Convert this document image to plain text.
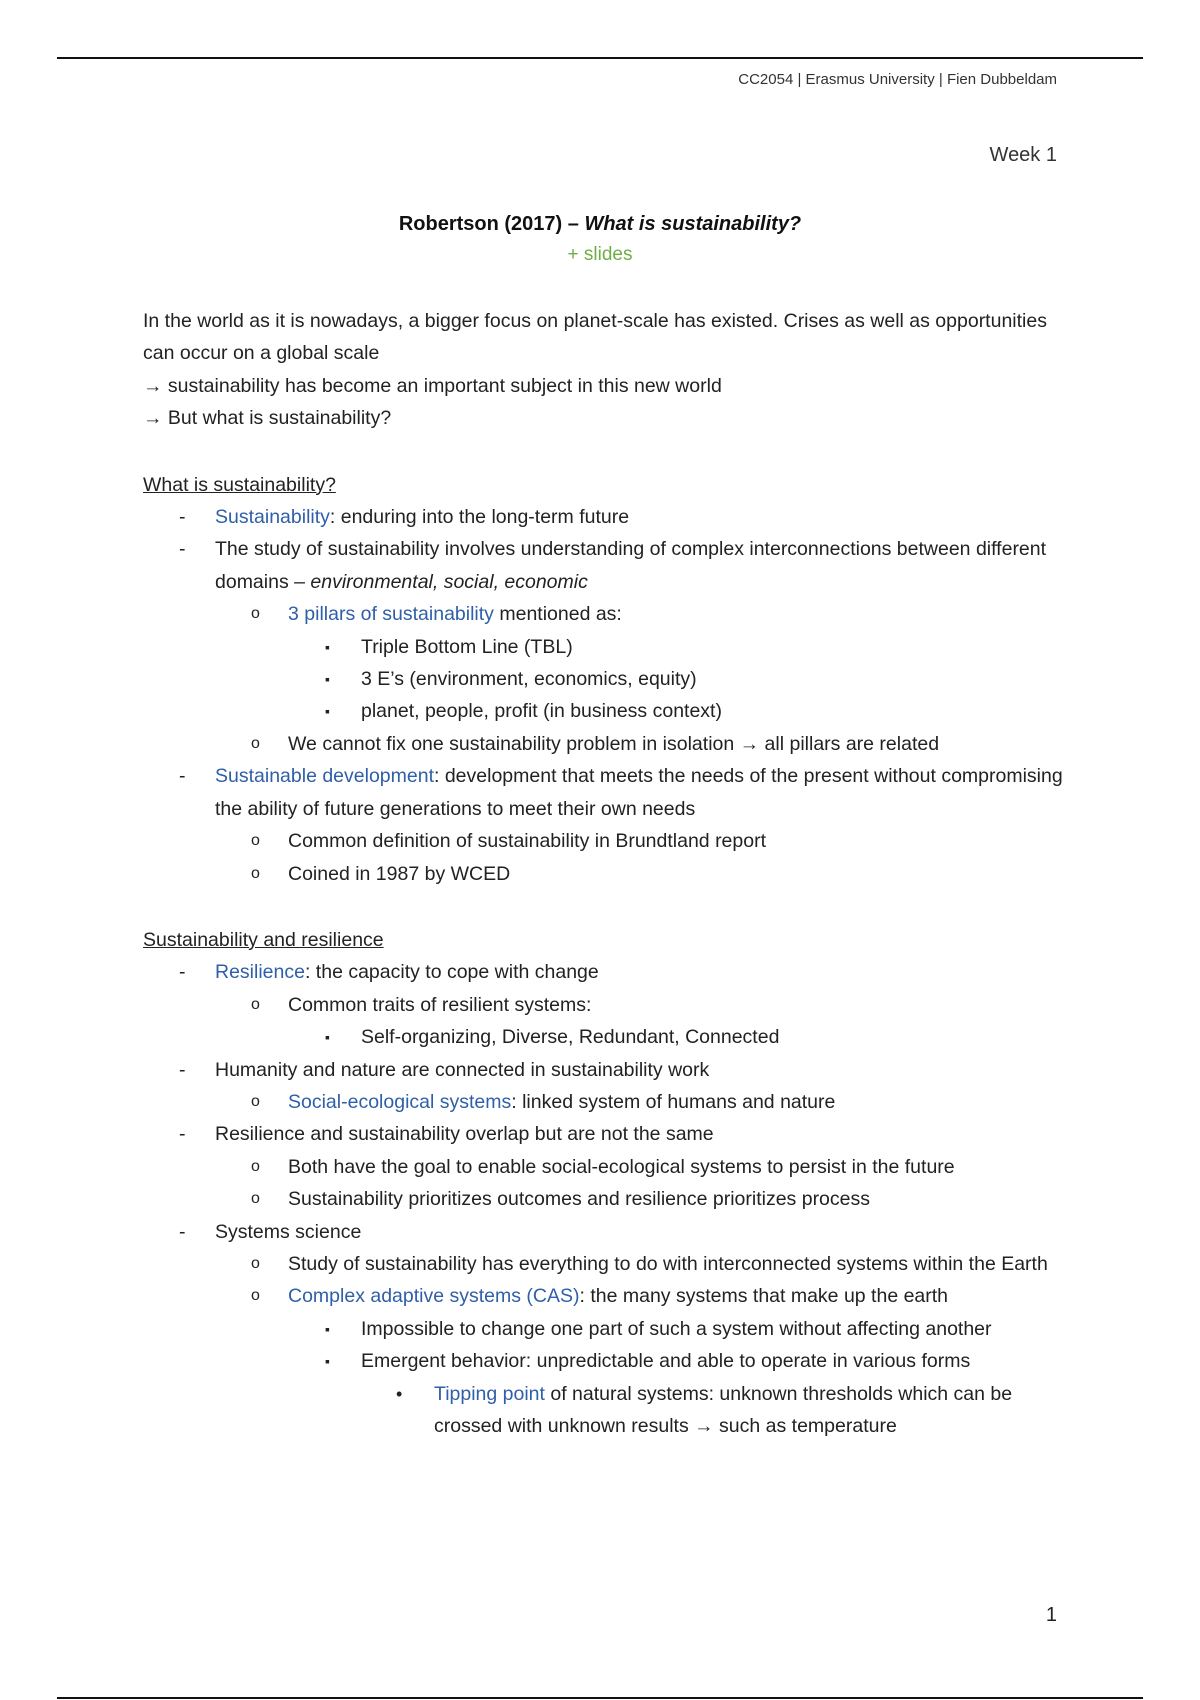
CC2054 | Erasmus University | Fien Dubbeldam
Week 1
Robertson (2017) – What is sustainability?
+ slides

In the world as it is nowadays, a bigger focus on planet-scale has existed. Crises as well as opportunities can occur on a global scale

→ sustainability has become an important subject in this new world

→ But what is sustainability?

What is sustainability?

- Sustainability: enduring into the long-term future
- The study of sustainability involves understanding of complex interconnections between different domains – environmental, social, economic
o 3 pillars of sustainability mentioned as:
▪ Triple Bottom Line (TBL)
▪ 3 E’s (environment, economics, equity)
▪ planet, people, profit (in business context)
o We cannot fix one sustainability problem in isolation → all pillars are related
- Sustainable development: development that meets the needs of the present without compromising the ability of future generations to meet their own needs
o Common definition of sustainability in Brundtland report
o Coined in 1987 by WCED

Sustainability and resilience

- Resilience: the capacity to cope with change
o Common traits of resilient systems:
▪ Self-organizing, Diverse, Redundant, Connected
- Humanity and nature are connected in sustainability work
o Social-ecological systems: linked system of humans and nature
- Resilience and sustainability overlap but are not the same
o Both have the goal to enable social-ecological systems to persist in the future
o Sustainability prioritizes outcomes and resilience prioritizes process
- Systems science
o Study of sustainability has everything to do with interconnected systems within the Earth
o Complex adaptive systems (CAS): the many systems that make up the earth
▪ Impossible to change one part of such a system without affecting another
▪ Emergent behavior: unpredictable and able to operate in various forms
• Tipping point of natural systems: unknown thresholds which can be crossed with unknown results → such as temperature
1
